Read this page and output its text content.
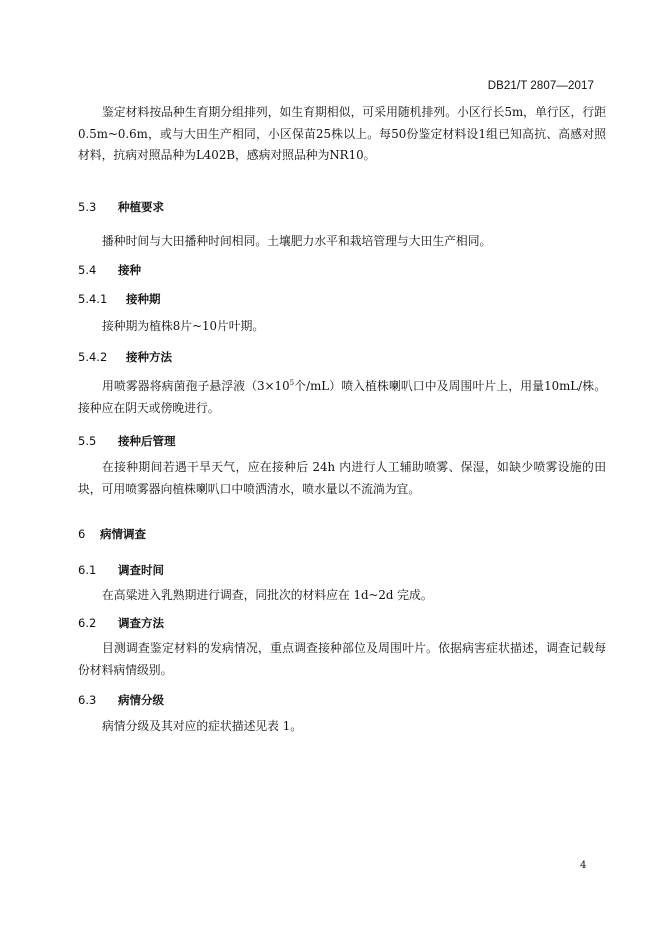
DB21/T 2807—2017
鉴定材料按品种生育期分组排列，如生育期相似，可采用随机排列。小区行长5m，单行区，行距0.5m~0.6m，或与大田生产相同，小区保苗25株以上。每50份鉴定材料设1组已知高抗、高感对照材料，抗病对照品种为L402B，感病对照品种为NR10。
5.3 种植要求
播种时间与大田播种时间相同。土壤肥力水平和栽培管理与大田生产相同。
5.4 接种
5.4.1 接种期
接种期为植株8片~10片叶期。
5.4.2 接种方法
用喷雾器将病菌孢子悬浮液（$3\times 10^5$个/mL）喷入植株喇叭口中及周围叶片上，用量10mL/株。接种应在阴天或傍晚进行。
5.5 接种后管理
在接种期间若遇干旱天气，应在接种后 24h 内进行人工辅助喷雾、保湿，如缺少喷雾设施的田块，可用喷雾器向植株喇叭口中喷洒清水，喷水量以不流淌为宜。
6 病情调查
6.1 调查时间
在高粱进入乳熟期进行调查，同批次的材料应在 1d~2d 完成。
6.2 调查方法
目测调查鉴定材料的发病情况，重点调查接种部位及周围叶片。依据病害症状描述，调查记载每份材料病情级别。
6.3 病情分级
病情分级及其对应的症状描述见表 1。
4
